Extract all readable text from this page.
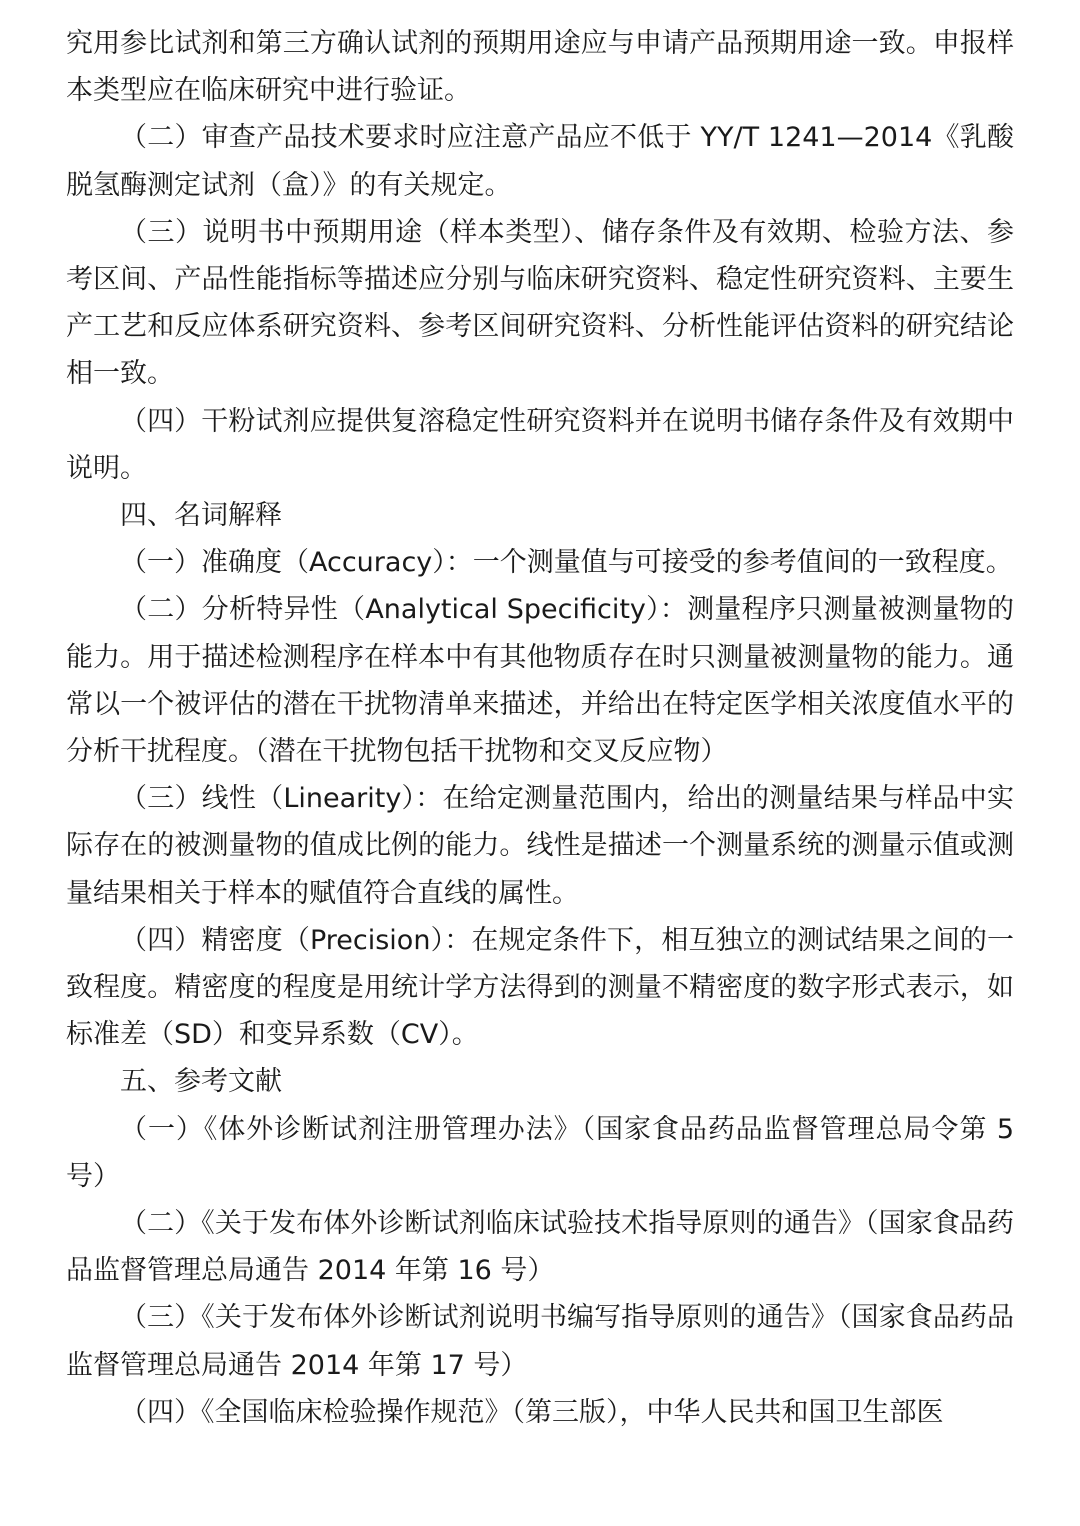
究用参比试剂和第三方确认试剂的预期用途应与申请产品预期用途一致。申报样本类型应在临床研究中进行验证。

（二）审查产品技术要求时应注意产品应不低于 YY/T 1241—2014《乳酸脱氢酶测定试剂（盒）》的有关规定。

（三）说明书中预期用途（样本类型）、储存条件及有效期、检验方法、参考区间、产品性能指标等描述应分别与临床研究资料、稳定性研究资料、主要生产工艺和反应体系研究资料、参考区间研究资料、分析性能评估资料的研究结论相一致。

（四）干粉试剂应提供复溶稳定性研究资料并在说明书储存条件及有效期中说明。

四、名词解释

（一）准确度（Accuracy）：一个测量值与可接受的参考值间的一致程度。

（二）分析特异性（Analytical Specificity）：测量程序只测量被测量物的能力。用于描述检测程序在样本中有其他物质存在时只测量被测量物的能力。通常以一个被评估的潜在干扰物清单来描述，并给出在特定医学相关浓度值水平的分析干扰程度。（潜在干扰物包括干扰物和交叉反应物）

（三）线性（Linearity）：在给定测量范围内，给出的测量结果与样品中实际存在的被测量物的值成比例的能力。线性是描述一个测量系统的测量示值或测量结果相关于样本的赋值符合直线的属性。

（四）精密度（Precision）：在规定条件下，相互独立的测试结果之间的一致程度。精密度的程度是用统计学方法得到的测量不精密度的数字形式表示，如标准差（SD）和变异系数（CV）。

五、参考文献

（一）《体外诊断试剂注册管理办法》（国家食品药品监督管理总局令第 5 号）

（二）《关于发布体外诊断试剂临床试验技术指导原则的通告》（国家食品药品监督管理总局通告 2014 年第 16 号）

（三）《关于发布体外诊断试剂说明书编写指导原则的通告》（国家食品药品监督管理总局通告 2014 年第 17 号）

（四）《全国临床检验操作规范》（第三版），中华人民共和国卫生部医
